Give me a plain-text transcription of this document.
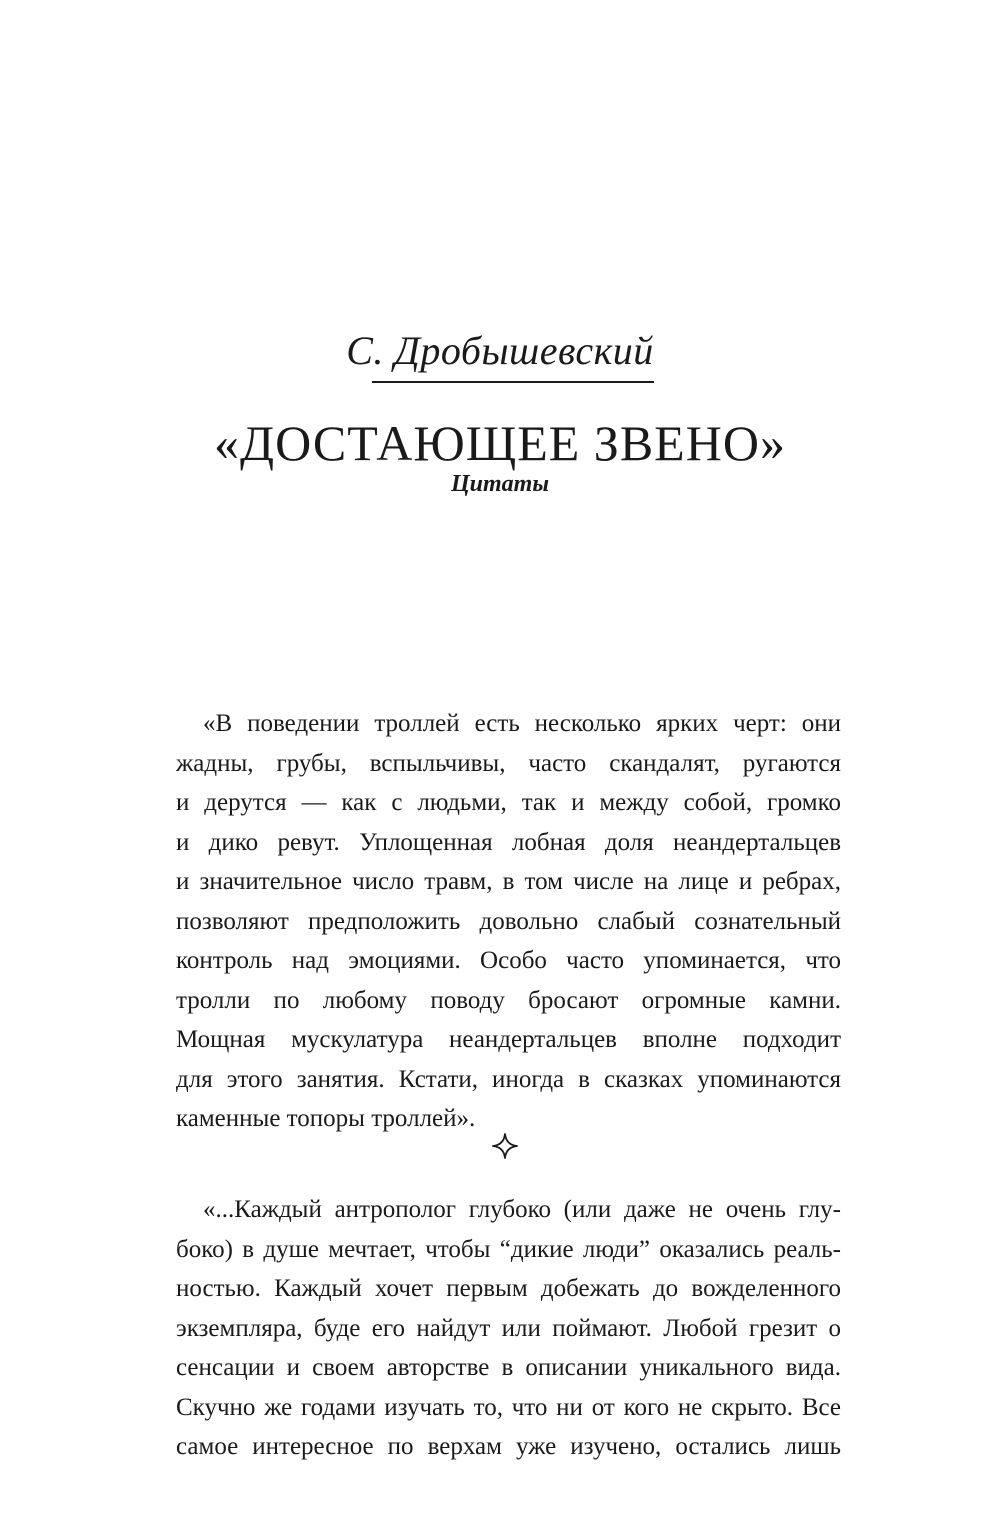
С. Дробышевский
«ДОСТАЮЩЕЕ ЗВЕНО»
Цитаты
«В поведении троллей есть несколько ярких черт: они
жадны, грубы, вспыльчивы, часто скандалят, ругаются
и дерутся — как с людьми, так и между собой, громко
и дико ревут. Уплощенная лобная доля неандертальцев
и значительное число травм, в том числе на лице и ребрах,
позволяют предположить довольно слабый сознательный
контроль над эмоциями. Особо часто упоминается, что
тролли по любому поводу бросают огромные камни.
Мощная мускулатура неандертальцев вполне подходит
для этого занятия. Кстати, иногда в сказках упоминаются
каменные топоры троллей».
«...Каждый антрополог глубоко (или даже не очень глу-
боко) в душе мечтает, чтобы “дикие люди” оказались реаль-
ностью. Каждый хочет первым добежать до вожделенного
экземпляра, буде его найдут или поймают. Любой грезит о
сенсации и своем авторстве в описании уникального вида.
Скучно же годами изучать то, что ни от кого не скрыто. Все
самое интересное по верхам уже изучено, остались лишь
